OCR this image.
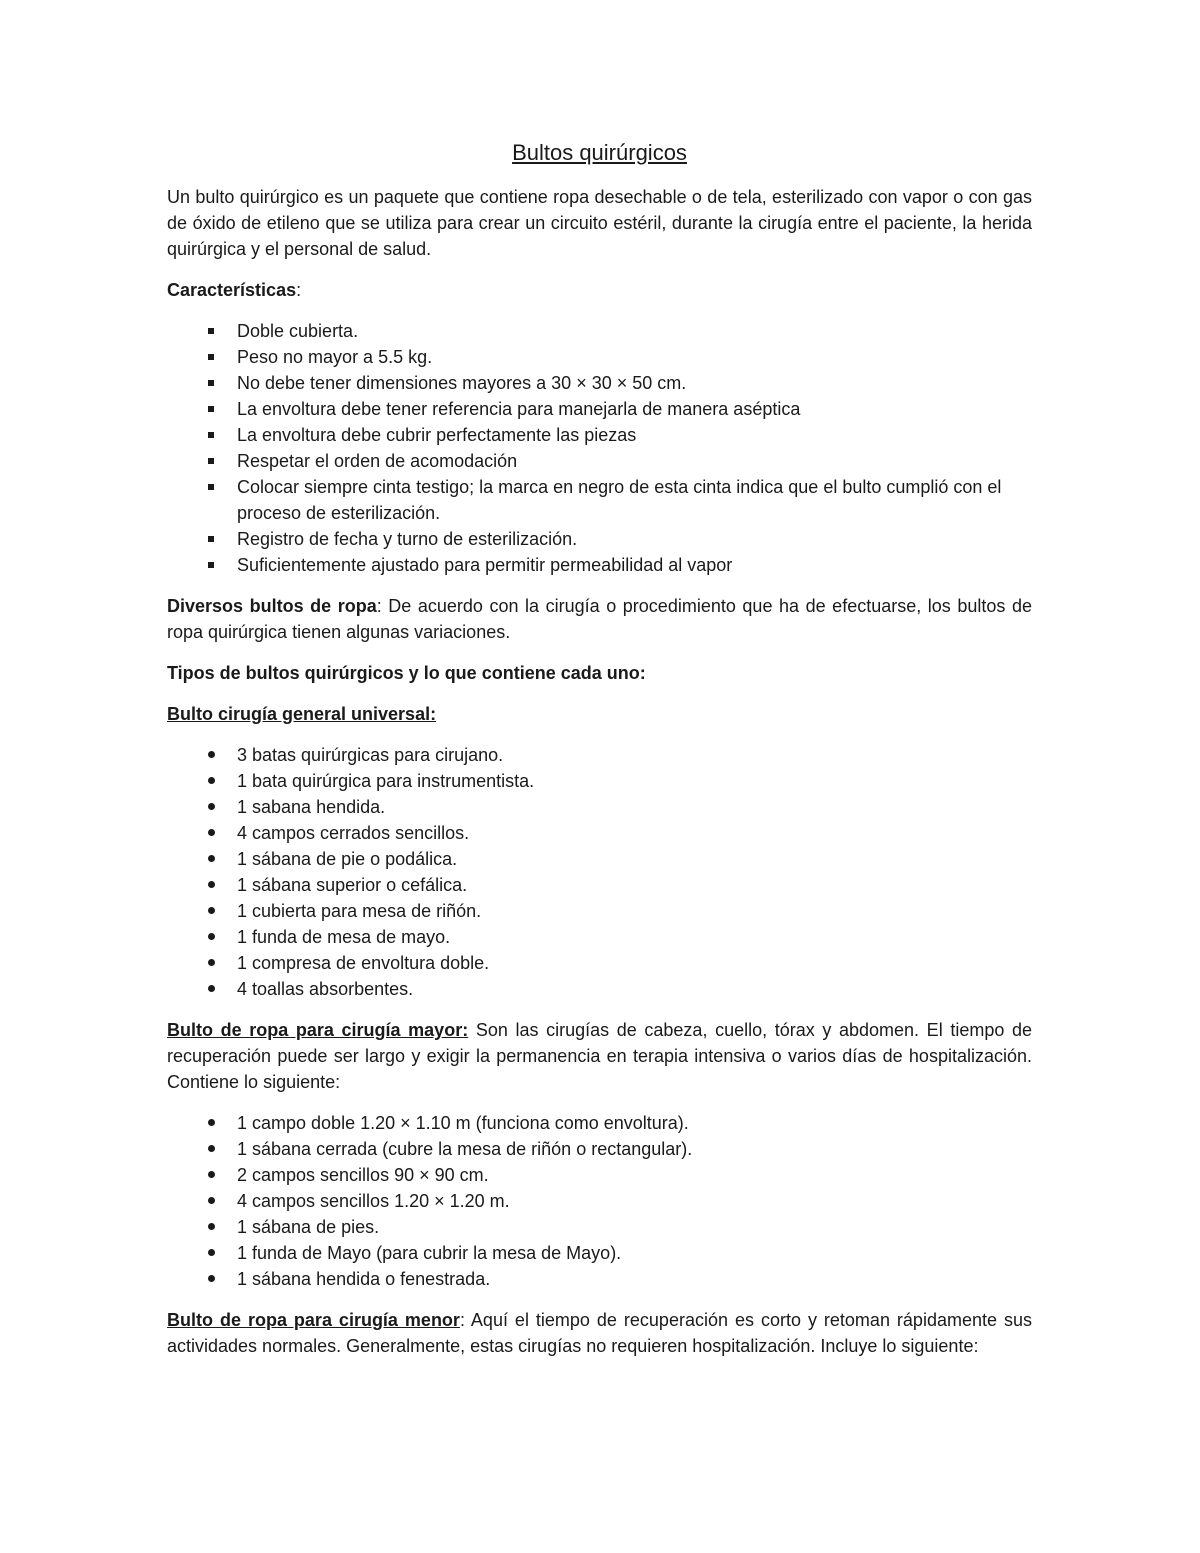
Bultos quirúrgicos

Un bulto quirúrgico es un paquete que contiene ropa desechable o de tela, esterilizado con vapor o con gas de óxido de etileno que se utiliza para crear un circuito estéril, durante la cirugía entre el paciente, la herida quirúrgica y el personal de salud.

Características:

Doble cubierta.
Peso no mayor a 5.5 kg.
No debe tener dimensiones mayores a 30 × 30 × 50 cm.
La envoltura debe tener referencia para manejarla de manera aséptica
La envoltura debe cubrir perfectamente las piezas
Respetar el orden de acomodación
Colocar siempre cinta testigo; la marca en negro de esta cinta indica que el bulto cumplió con el proceso de esterilización.
Registro de fecha y turno de esterilización.
Suficientemente ajustado para permitir permeabilidad al vapor

Diversos bultos de ropa: De acuerdo con la cirugía o procedimiento que ha de efectuarse, los bultos de ropa quirúrgica tienen algunas variaciones.

Tipos de bultos quirúrgicos y lo que contiene cada uno:

Bulto cirugía general universal:

3 batas quirúrgicas para cirujano.
1 bata quirúrgica para instrumentista.
1 sabana hendida.
4 campos cerrados sencillos.
1 sábana de pie o podálica.
1 sábana superior o cefálica.
1 cubierta para mesa de riñón.
1 funda de mesa de mayo.
1 compresa de envoltura doble.
4 toallas absorbentes.

Bulto de ropa para cirugía mayor: Son las cirugías de cabeza, cuello, tórax y abdomen. El tiempo de recuperación puede ser largo y exigir la permanencia en terapia intensiva o varios días de hospitalización. Contiene lo siguiente:

1 campo doble 1.20 × 1.10 m (funciona como envoltura).
1 sábana cerrada (cubre la mesa de riñón o rectangular).
2 campos sencillos 90 × 90 cm.
4 campos sencillos 1.20 × 1.20 m.
1 sábana de pies.
1 funda de Mayo (para cubrir la mesa de Mayo).
1 sábana hendida o fenestrada.

Bulto de ropa para cirugía menor: Aquí el tiempo de recuperación es corto y retoman rápidamente sus actividades normales. Generalmente, estas cirugías no requieren hospitalización. Incluye lo siguiente:
